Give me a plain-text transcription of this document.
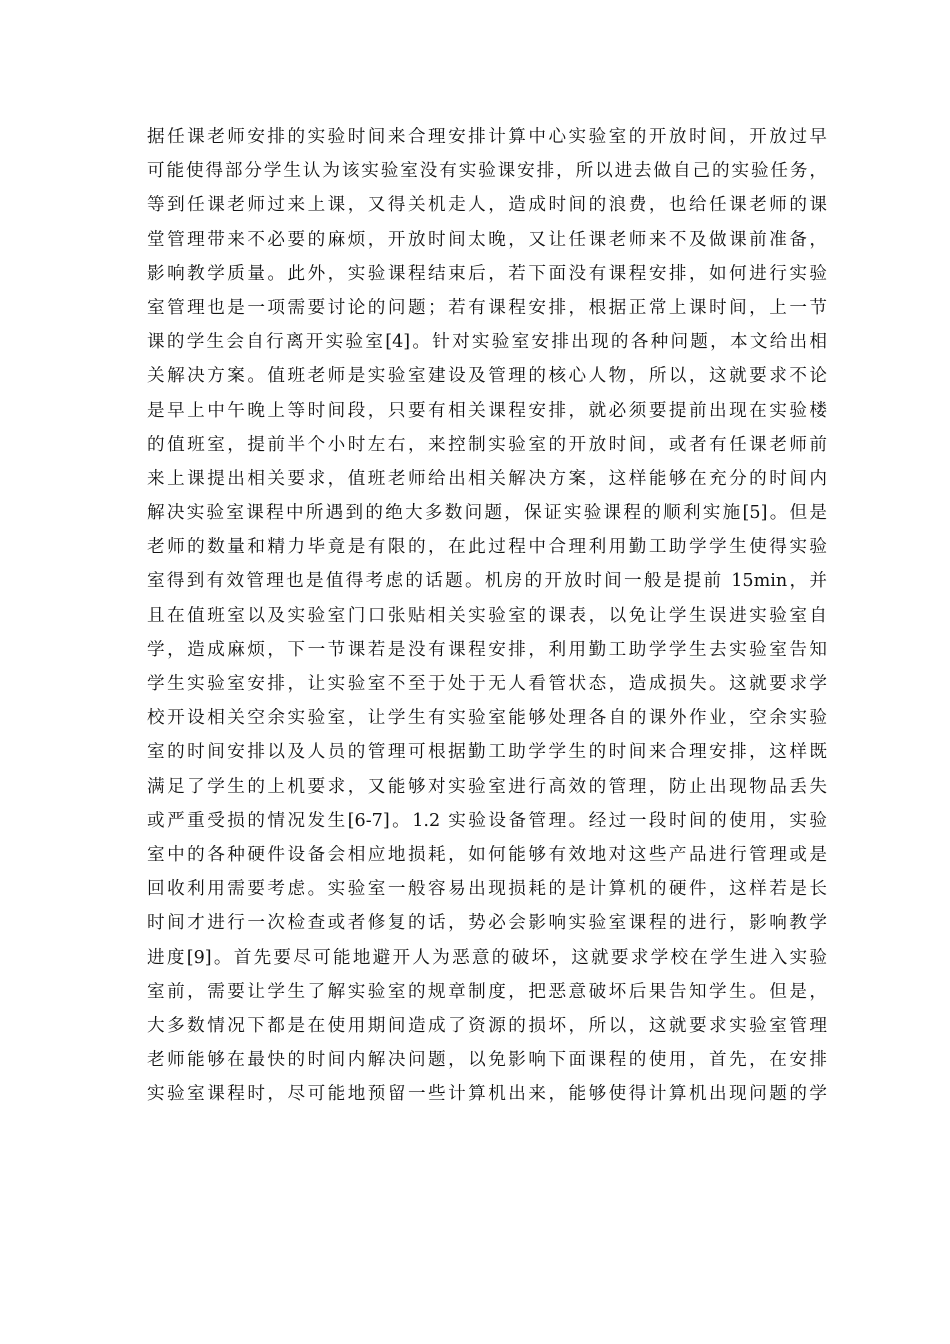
据任课老师安排的实验时间来合理安排计算中心实验室的开放时间，开放过早
可能使得部分学生认为该实验室没有实验课安排，所以进去做自己的实验任务，
等到任课老师过来上课，又得关机走人，造成时间的浪费，也给任课老师的课
堂管理带来不必要的麻烦，开放时间太晚，又让任课老师来不及做课前准备，
影响教学质量。此外，实验课程结束后，若下面没有课程安排，如何进行实验
室管理也是一项需要讨论的问题；若有课程安排，根据正常上课时间，上一节
课的学生会自行离开实验室[4]。针对实验室安排出现的各种问题，本文给出相
关解决方案。值班老师是实验室建设及管理的核心人物，所以，这就要求不论
是早上中午晚上等时间段，只要有相关课程安排，就必须要提前出现在实验楼
的值班室，提前半个小时左右，来控制实验室的开放时间，或者有任课老师前
来上课提出相关要求，值班老师给出相关解决方案，这样能够在充分的时间内
解决实验室课程中所遇到的绝大多数问题，保证实验课程的顺利实施[5]。但是
老师的数量和精力毕竟是有限的，在此过程中合理利用勤工助学学生使得实验
室得到有效管理也是值得考虑的话题。机房的开放时间一般是提前 15min，并
且在值班室以及实验室门口张贴相关实验室的课表，以免让学生误进实验室自
学，造成麻烦，下一节课若是没有课程安排，利用勤工助学学生去实验室告知
学生实验室安排，让实验室不至于处于无人看管状态，造成损失。这就要求学
校开设相关空余实验室，让学生有实验室能够处理各自的课外作业，空余实验
室的时间安排以及人员的管理可根据勤工助学学生的时间来合理安排，这样既
满足了学生的上机要求，又能够对实验室进行高效的管理，防止出现物品丢失
或严重受损的情况发生[6-7]。1.2 实验设备管理。经过一段时间的使用，实验
室中的各种硬件设备会相应地损耗，如何能够有效地对这些产品进行管理或是
回收利用需要考虑。实验室一般容易出现损耗的是计算机的硬件，这样若是长
时间才进行一次检查或者修复的话，势必会影响实验室课程的进行，影响教学
进度[9]。首先要尽可能地避开人为恶意的破坏，这就要求学校在学生进入实验
室前，需要让学生了解实验室的规章制度，把恶意破坏后果告知学生。但是，
大多数情况下都是在使用期间造成了资源的损坏，所以，这就要求实验室管理
老师能够在最快的时间内解决问题，以免影响下面课程的使用，首先，在安排
实验室课程时，尽可能地预留一些计算机出来，能够使得计算机出现问题的学
